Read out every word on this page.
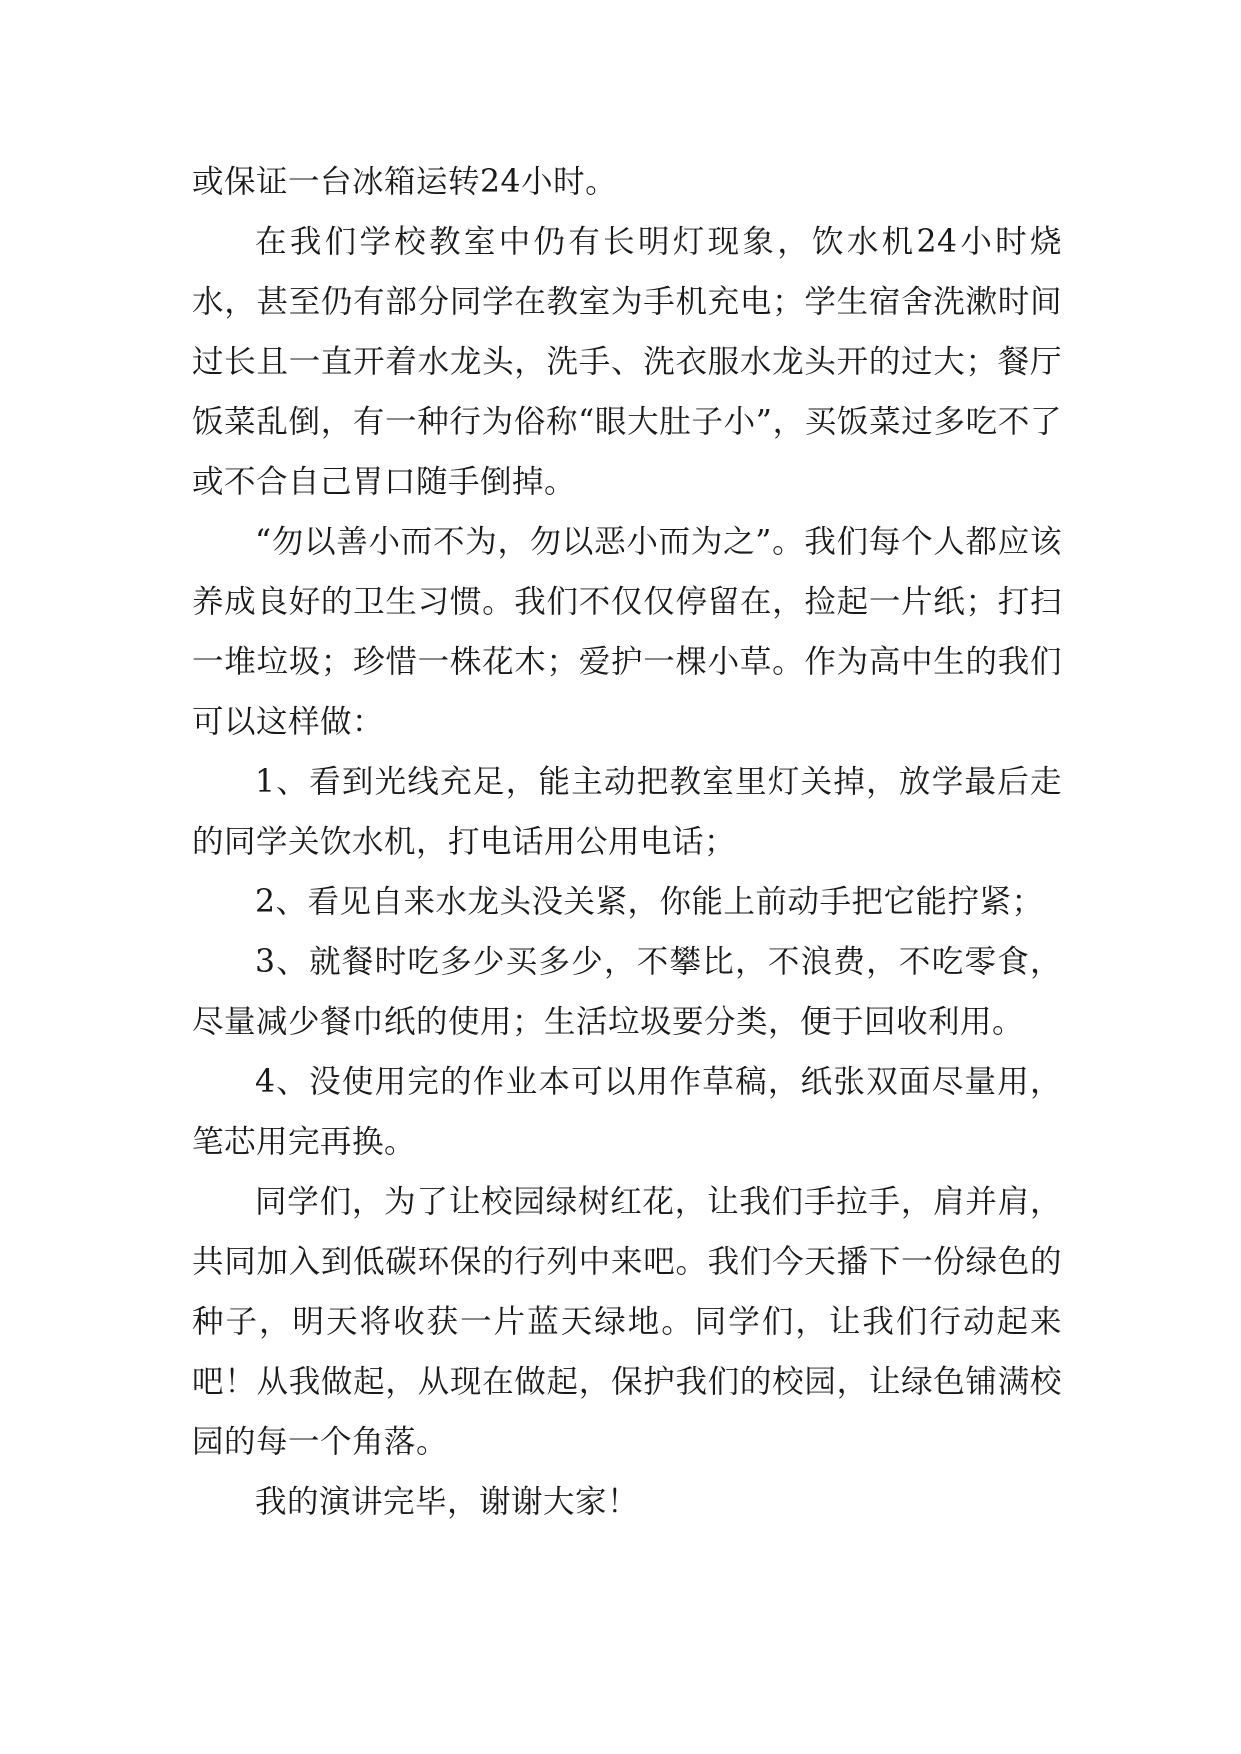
或保证一台冰箱运转24小时。

在我们学校教室中仍有长明灯现象，饮水机24小时烧水，甚至仍有部分同学在教室为手机充电；学生宿舍洗漱时间过长且一直开着水龙头，洗手、洗衣服水龙头开的过大；餐厅饭菜乱倒，有一种行为俗称“眼大肚子小”，买饭菜过多吃不了或不合自己胃口随手倒掉。

“勿以善小而不为，勿以恶小而为之”。我们每个人都应该养成良好的卫生习惯。我们不仅仅停留在，捡起一片纸；打扫一堆垃圾；珍惜一株花木；爱护一棵小草。作为高中生的我们可以这样做：

1、看到光线充足，能主动把教室里灯关掉，放学最后走的同学关饮水机，打电话用公用电话；

2、看见自来水龙头没关紧，你能上前动手把它能拧紧；

3、就餐时吃多少买多少，不攀比，不浪费，不吃零食，尽量减少餐巾纸的使用；生活垃圾要分类，便于回收利用。

4、没使用完的作业本可以用作草稿，纸张双面尽量用，笔芯用完再换。

同学们，为了让校园绿树红花，让我们手拉手，肩并肩，共同加入到低碳环保的行列中来吧。我们今天播下一份绿色的种子，明天将收获一片蓝天绿地。同学们，让我们行动起来吧！从我做起，从现在做起，保护我们的校园，让绿色铺满校园的每一个角落。

我的演讲完毕，谢谢大家！
